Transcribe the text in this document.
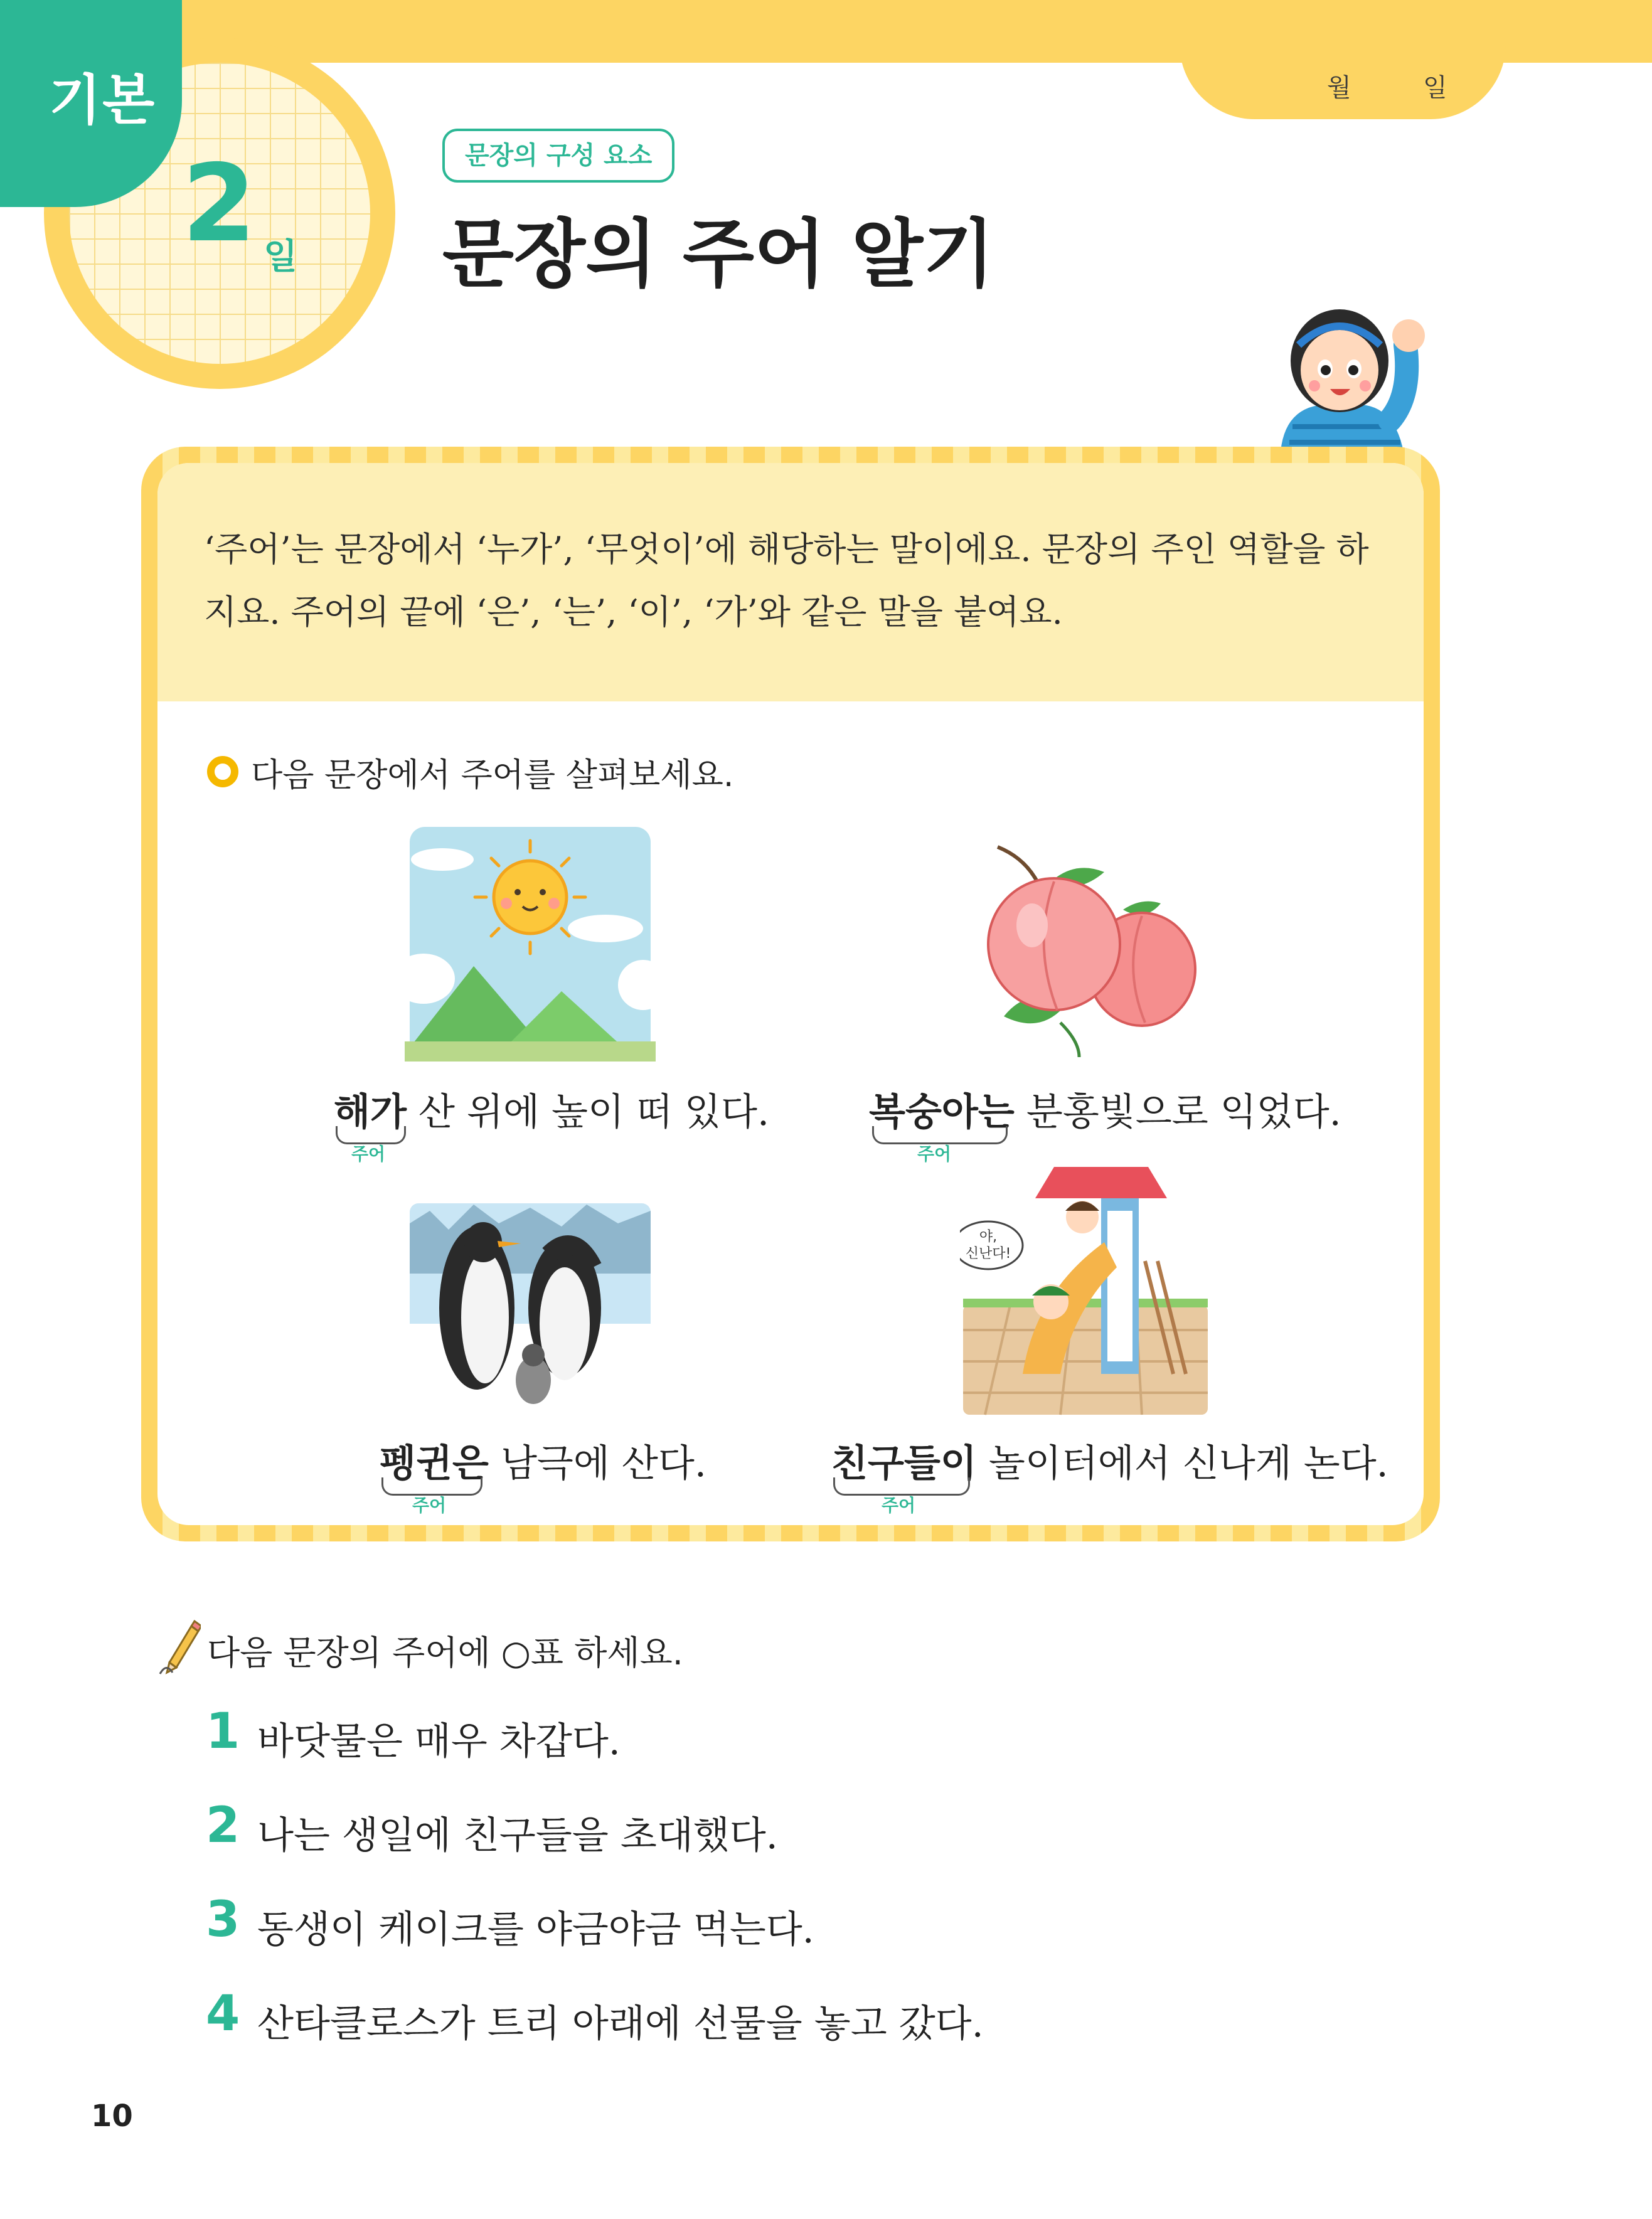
월	일
기본
2 일
문장의 구성 요소
문장의 주어 알기
‘주어’는 문장에서 ‘누가’, ‘무엇이’에 해당하는 말이에요. 문장의 주인 역할을 하
지요. 주어의 끝에 ‘은’, ‘는’, ‘이’, ‘가’와 같은 말을 붙여요.
다음 문장에서 주어를 살펴보세요.
해가 산 위에 높이 떠 있다.
주어
복숭아는 분홍빛으로 익었다.
주어
펭귄은 남극에 산다.
주어
야,
신난다!
친구들이 놀이터에서 신나게 논다.
주어
다음 문장의 주어에 ○표 하세요.
1 바닷물은 매우 차갑다.
2 나는 생일에 친구들을 초대했다.
3 동생이 케이크를 야금야금 먹는다.
4 산타클로스가 트리 아래에 선물을 놓고 갔다.
10
